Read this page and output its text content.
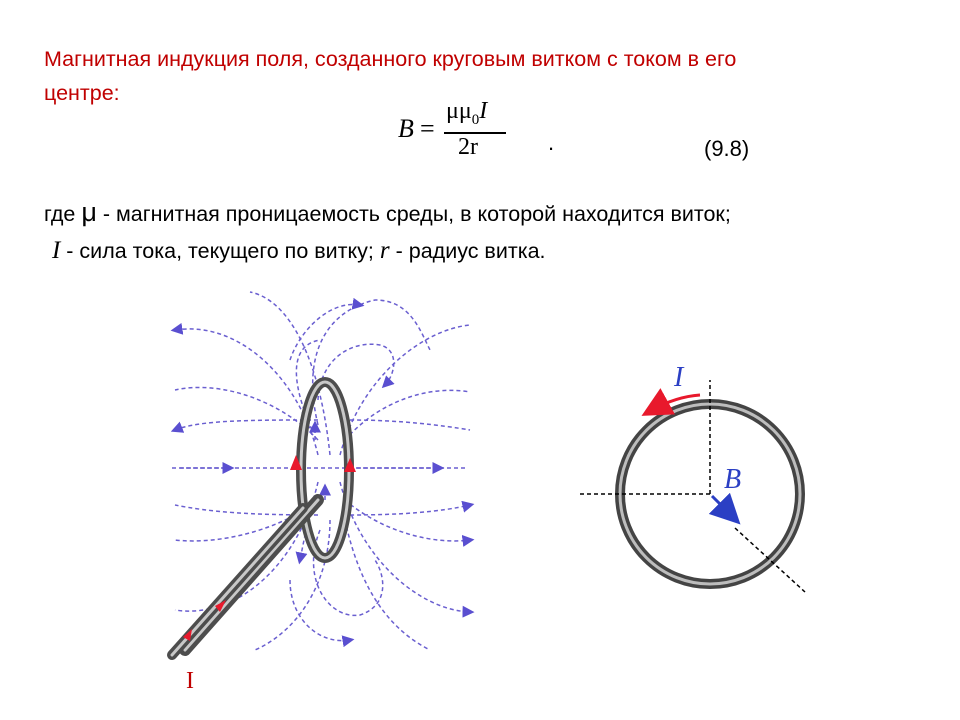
Магнитная индукция поля, созданного круговым витком с током в его
центре:
B =
$\mu\mu_0I$
2r	.	(9.8)
где μ - магнитная проницаемость среды, в которой находится виток;
I - сила тока, текущего по витку; r - радиус витка.
I
I
B
